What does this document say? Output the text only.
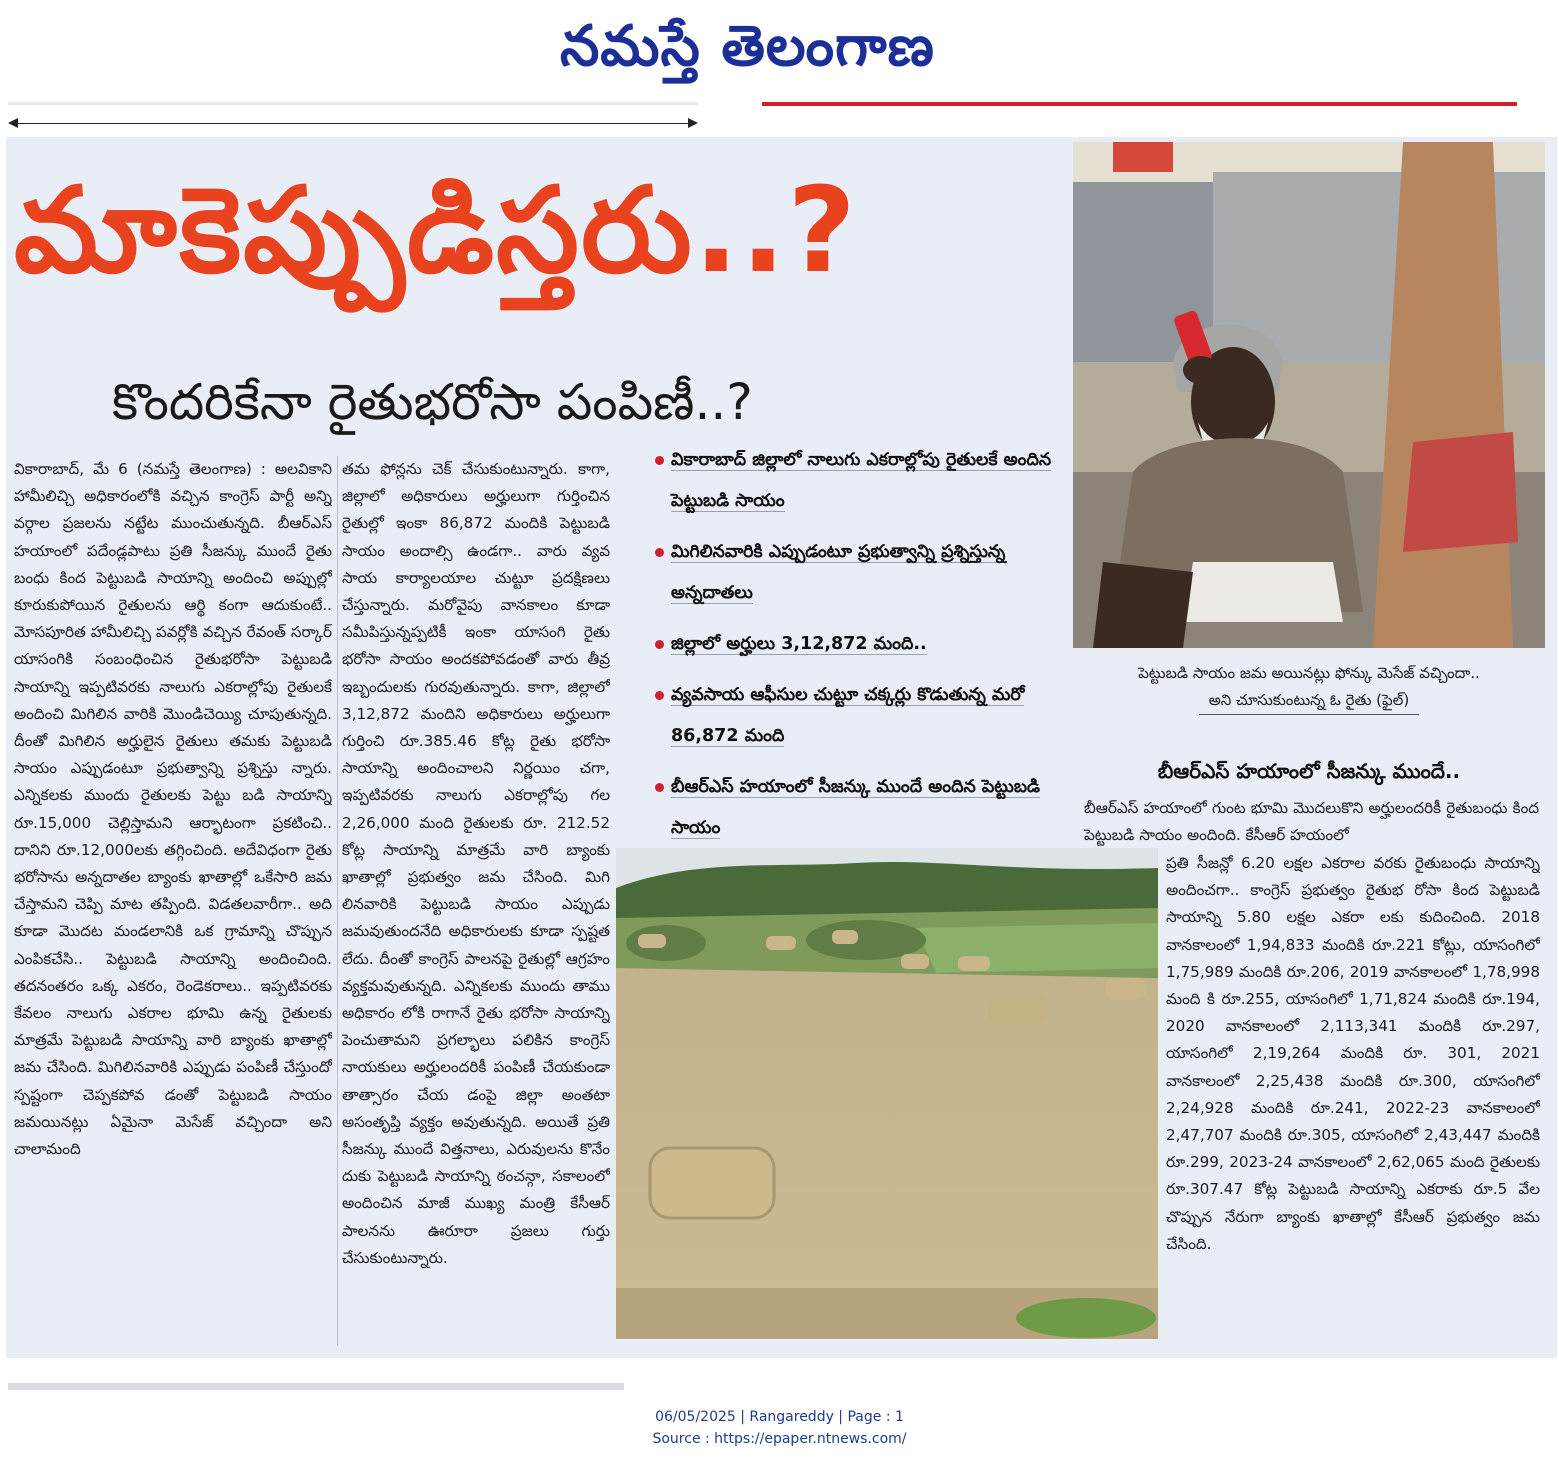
నమస్తే తెలంగాణ
మాకెప్పుడిస్తరు..?
కొందరికేనా రైతుభరోసా పంపిణీ..?
వికారాబాద్, మే 6 (నమస్తే తెలంగాణ) : అలవికాని హామీలిచ్చి అధికారంలోకి వచ్చిన కాంగ్రెస్ పార్టీ అన్ని వర్గాల ప్రజలను నట్టేట ముంచుతున్నది. బీఆర్ఎస్ హయాంలో పదేండ్లపాటు ప్రతి సీజన్కు ముందే రైతు బంధు కింద పెట్టుబడి సాయాన్ని అందించి అప్పుల్లో కూరుకుపోయిన రైతులను ఆర్థి కంగా ఆదుకుంటే.. మోసపూరిత హామీలిచ్చి పవర్లోకి వచ్చిన రేవంత్ సర్కార్ యాసంగికి సంబంధించిన రైతుభరోసా పెట్టుబడి సాయాన్ని ఇప్పటివరకు నాలుగు ఎకరాల్లోపు రైతులకే అందించి మిగిలిన వారికి మొండిచెయ్యి చూపుతున్నది. దీంతో మిగిలిన అర్హులైన రైతులు తమకు పెట్టుబడి సాయం ఎప్పుడంటూ ప్రభుత్వాన్ని ప్రశ్నిస్తు న్నారు. ఎన్నికలకు ముందు రైతులకు పెట్టు బడి సాయాన్ని రూ.15,000 చెల్లిస్తామని ఆర్భాటంగా ప్రకటించి.. దానిని రూ.12,000లకు తగ్గించింది. అదేవిధంగా రైతు భరోసాను అన్నదాతల బ్యాంకు ఖాతాల్లో ఒకేసారి జమ చేస్తామని చెప్పి మాట తప్పింది. విడతలవారీగా.. అది కూడా మొదట మండలానికి ఒక గ్రామాన్ని చొప్పున ఎంపికచేసి.. పెట్టుబడి సాయాన్ని అందించింది. తదనంతరం ఒక్క ఎకరం, రెండెకరాలు.. ఇప్పటివరకు కేవలం నాలుగు ఎకరాల భూమి ఉన్న రైతులకు మాత్రమే పెట్టుబడి సాయాన్ని వారి బ్యాంకు ఖాతాల్లో జమ చేసింది. మిగిలినవారికి ఎప్పుడు పంపిణీ చేస్తుందో స్పష్టంగా చెప్పకపోవ డంతో పెట్టుబడి సాయం జమయినట్లు ఏమైనా మెసేజ్ వచ్చిందా అని చాలామంది
తమ ఫోన్లను చెక్ చేసుకుంటున్నారు. కాగా, జిల్లాలో అధికారులు అర్హులుగా గుర్తించిన రైతుల్లో ఇంకా 86,872 మందికి పెట్టుబడి సాయం అందాల్సి ఉండగా.. వారు వ్యవ సాయ కార్యాలయాల చుట్టూ ప్రదక్షిణలు చేస్తున్నారు. మరోవైపు వానకాలం కూడా సమీపిస్తున్నప్పటికీ ఇంకా యాసంగి రైతు భరోసా సాయం అందకపోవడంతో వారు తీవ్ర ఇబ్బందులకు గురవుతున్నారు. కాగా, జిల్లాలో 3,12,872 మందిని అధికారులు అర్హులుగా గుర్తించి రూ.385.46 కోట్ల రైతు భరోసా సాయాన్ని అందించాలని నిర్ణయిం చగా, ఇప్పటివరకు నాలుగు ఎకరాల్లోపు గల 2,26,000 మంది రైతులకు రూ. 212.52 కోట్ల సాయాన్ని మాత్రమే వారి బ్యాంకు ఖాతాల్లో ప్రభుత్వం జమ చేసింది. మిగి లినవారికి పెట్టుబడి సాయం ఎప్పుడు జమవుతుందనేది అధికారులకు కూడా స్పష్టత లేదు. దీంతో కాంగ్రెస్ పాలనపై రైతుల్లో ఆగ్రహం వ్యక్తమవుతున్నది. ఎన్నికలకు ముందు తాము అధికారం లోకి రాగానే రైతు భరోసా సాయాన్ని పెంచుతామని ప్రగల్భాలు పలికిన కాంగ్రెస్ నాయకులు అర్హులందరికీ పంపిణీ చేయకుండా తాత్సారం చేయ డంపై జిల్లా అంతటా అసంతృప్తి వ్యక్తం అవుతున్నది. అయితే ప్రతి సీజన్కు ముందే విత్తనాలు, ఎరువులను కొనేం దుకు పెట్టుబడి సాయాన్ని ఠంచన్గా, సకాలంలో అందించిన మాజీ ముఖ్య మంత్రి కేసీఆర్ పాలనను ఊరూరా ప్రజలు గుర్తు చేసుకుంటున్నారు.
వికారాబాద్ జిల్లాలో నాలుగు ఎకరాల్లోపు రైతులకే అందిన పెట్టుబడి సాయం
మిగిలినవారికి ఎప్పుడంటూ ప్రభుత్వాన్ని ప్రశ్నిస్తున్న అన్నదాతలు
జిల్లాలో అర్హులు 3,12,872 మంది..
వ్యవసాయ ఆఫీసుల చుట్టూ చక్కర్లు కొడుతున్న మరో 86,872 మంది
బీఆర్ఎస్ హయాంలో సీజన్కు ముందే అందిన పెట్టుబడి సాయం
పెట్టుబడి సాయం జమ అయినట్లు ఫోన్కు మెసేజ్ వచ్చిందా..
అని చూసుకుంటున్న ఓ రైతు (ఫైల్)
బీఆర్ఎస్ హయాంలో సీజన్కు ముందే..
బీఆర్ఎస్ హయాంలో గుంట భూమి మొదలుకొని అర్హులందరికీ రైతుబంధు కింద పెట్టుబడి సాయం అందింది. కేసీఆర్ హయంలో
ప్రతి సీజన్లో 6.20 లక్షల ఎకరాల వరకు రైతుబంధు సాయాన్ని అందించగా.. కాంగ్రెస్ ప్రభుత్వం రైతుభ రోసా కింద పెట్టుబడి సాయాన్ని 5.80 లక్షల ఎకరా లకు కుదించింది. 2018 వానకాలంలో 1,94,833 మందికి రూ.221 కోట్లు, యాసంగిలో 1,75,989 మందికి రూ.206, 2019 వానకాలంలో 1,78,998 మంది కి రూ.255, యాసంగిలో 1,71,824 మందికి రూ.194, 2020 వానకాలంలో 2,113,341 మందికి రూ.297, యాసంగిలో 2,19,264 మందికి రూ. 301, 2021 వానకాలంలో 2,25,438 మందికి రూ.300, యాసంగిలో 2,24,928 మందికి రూ.241, 2022-23 వానకాలంలో 2,47,707 మందికి రూ.305, యాసంగిలో 2,43,447 మందికి రూ.299, 2023-24 వానకాలంలో 2,62,065 మంది రైతులకు రూ.307.47 కోట్ల పెట్టుబడి సాయాన్ని ఎకరాకు రూ.5 వేల చొప్పున నేరుగా బ్యాంకు ఖాతాల్లో కేసీఆర్ ప్రభుత్వం జమ చేసింది.
06/05/2025 | Rangareddy | Page : 1
Source : https://epaper.ntnews.com/
